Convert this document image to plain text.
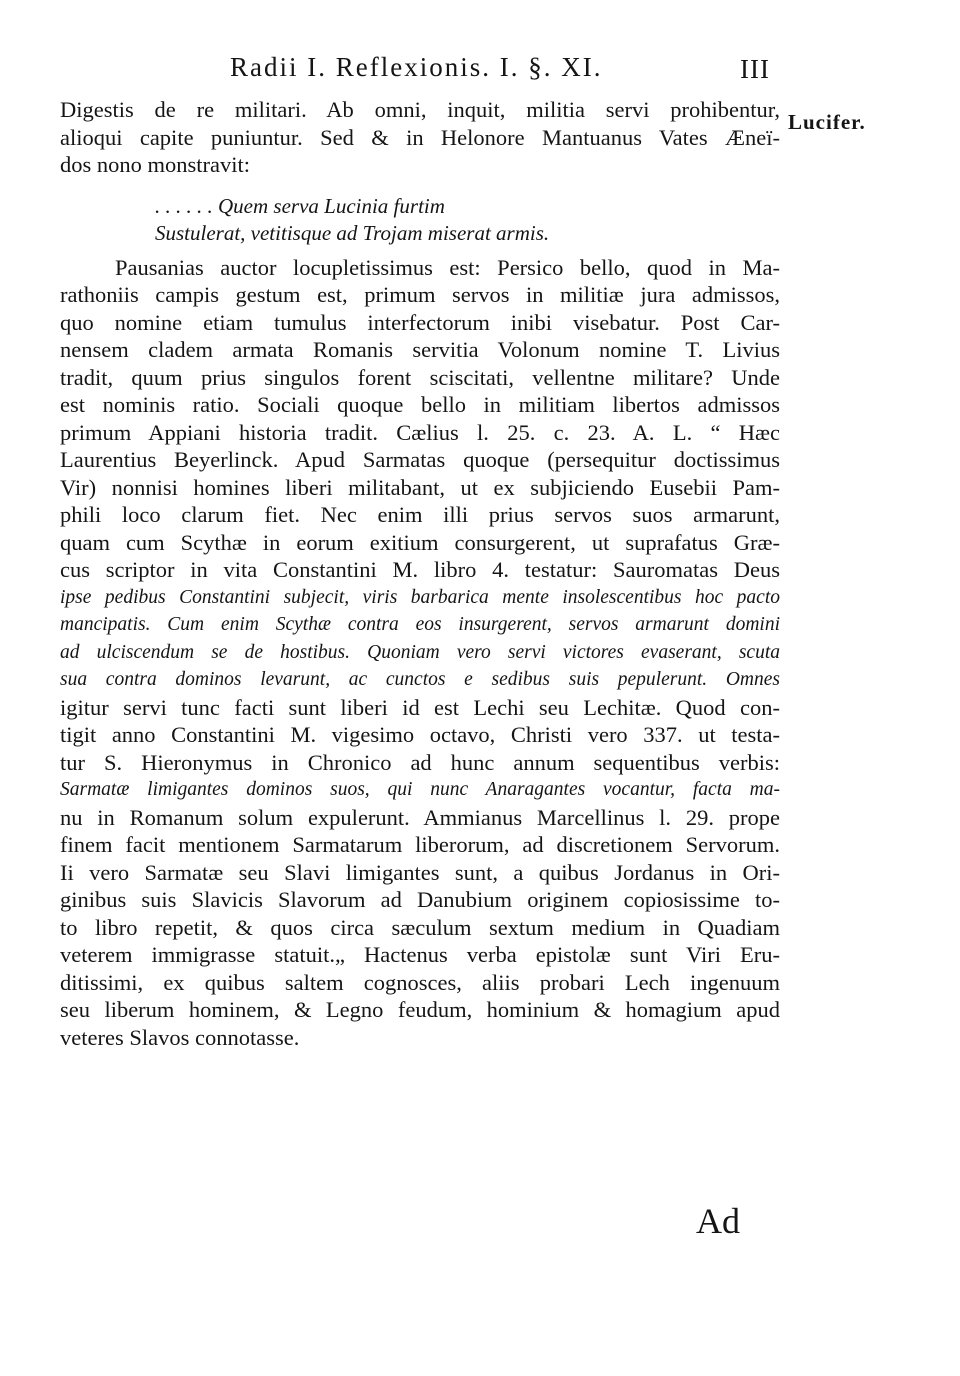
Radii I. Reflexionis. I. §. XI.	III
Lucifer.
Digestis de re militari. Ab omni, inquit, militia servi prohibentur,
alioqui capite puniuntur. Sed & in Helonore Mantuanus Vates Æneï-
dos nono monstravit:
. . . . . . Quem serva Lucinia furtim
Sustulerat, vetitisque ad Trojam miserat armis.
Pausanias auctor locupletissimus est: Persico bello, quod in Ma-
rathoniis campis gestum est, primum servos in militiæ jura admissos,
quo nomine etiam tumulus interfectorum inibi visebatur. Post Car-
nensem cladem armata Romanis servitia Volonum nomine T. Livius
tradit, quum prius singulos forent sciscitati, vellentne militare? Unde
est nominis ratio. Sociali quoque bello in militiam libertos admissos
primum Appiani historia tradit. Cælius l. 25. c. 23. A. L. “ Hæc
Laurentius Beyerlinck. Apud Sarmatas quoque (persequitur doctissimus
Vir) nonnisi homines liberi militabant, ut ex subjiciendo Eusebii Pam-
phili loco clarum fiet. Nec enim illi prius servos suos armarunt,
quam cum Scythæ in eorum exitium consurgerent, ut suprafatus Græ-
cus scriptor in vita Constantini M. libro 4. testatur: Sauromatas Deus
ipse pedibus Constantini subjecit, viris barbarica mente insolescentibus hoc pacto
mancipatis. Cum enim Scythæ contra eos insurgerent, servos armarunt domini
ad ulciscendum se de hostibus. Quoniam vero servi victores evaserant, scuta
sua contra dominos levarunt, ac cunctos e sedibus suis pepulerunt. Omnes
igitur servi tunc facti sunt liberi id est Lechi seu Lechitæ. Quod con-
tigit anno Constantini M. vigesimo octavo, Christi vero 337. ut testa-
tur S. Hieronymus in Chronico ad hunc annum sequentibus verbis:
Sarmatæ limigantes dominos suos, qui nunc Anaragantes vocantur, facta ma-
nu in Romanum solum expulerunt. Ammianus Marcellinus l. 29. prope
finem facit mentionem Sarmatarum liberorum, ad discretionem Servorum.
Ii vero Sarmatæ seu Slavi limigantes sunt, a quibus Jordanus in Ori-
ginibus suis Slavicis Slavorum ad Danubium originem copiosissime to-
to libro repetit, & quos circa sæculum sextum medium in Quadiam
veterem immigrasse statuit.„ Hactenus verba epistolæ sunt Viri Eru-
ditissimi, ex quibus saltem cognosces, aliis probari Lech ingenuum
seu liberum hominem, & Legno feudum, hominium & homagium apud
veteres Slavos connotasse.
Ad
